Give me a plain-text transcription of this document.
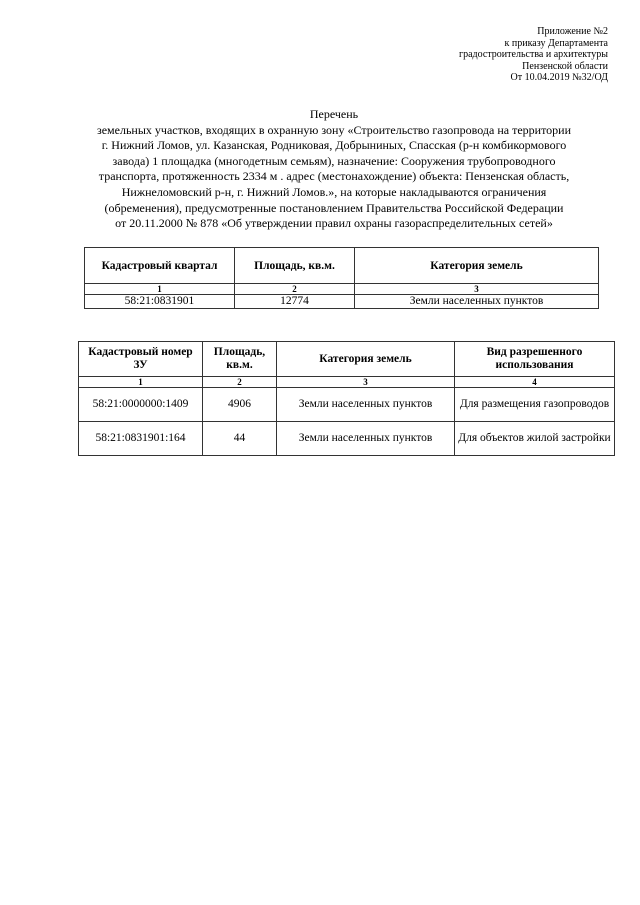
Приложение №2
к приказу Департамента
градостроительства и архитектуры
Пензенской области
От 10.04.2019 №32/ОД
Перечень
земельных участков, входящих в охранную зону «Строительство газопровода на территории
г. Нижний Ломов, ул. Казанская, Родниковая, Добрыниных, Спасская (р-н комбикормового
завода) 1 площадка (многодетным семьям), назначение: Сооружения трубопроводного
транспорта, протяженность 2334 м . адрес (местонахождение) объекта: Пензенская область,
Нижнеломовский р-н, г. Нижний Ломов.», на которые накладываются ограничения
(обременения), предусмотренные постановлением Правительства Российской Федерации
от 20.11.2000 № 878 «Об утверждении правил охраны газораспределительных сетей»
Кадастровый квартал	Площадь, кв.м.	Категория земель
1	2	3
58:21:0831901	12774	Земли населенных пунктов
Кадастровый номер ЗУ	Площадь, кв.м.	Категория земель	Вид разрешенного использования
1	2	3	4
58:21:0000000:1409	4906	Земли населенных пунктов	Для размещения газопроводов
58:21:0831901:164	44	Земли населенных пунктов	Для объектов жилой застройки
